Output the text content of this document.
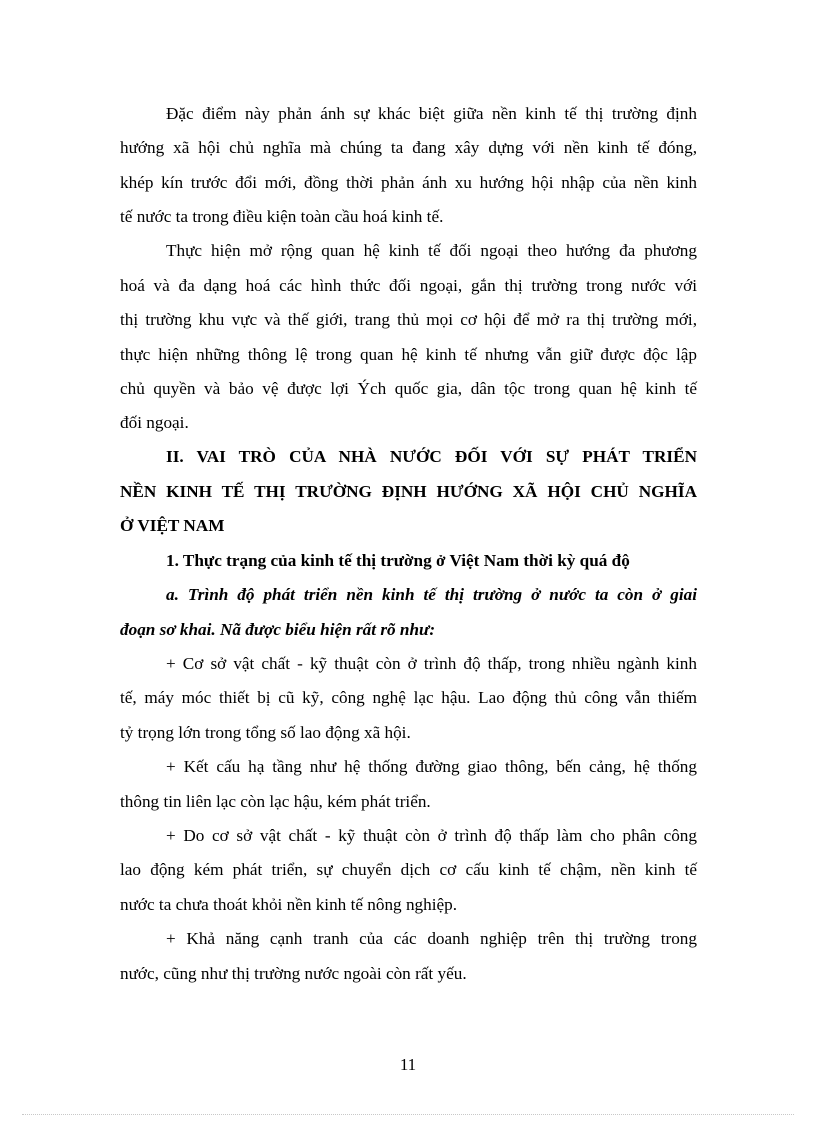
Đặc điểm này phản ánh sự khác biệt giữa nền kinh tế thị trường định
hướng xã hội chủ nghĩa mà chúng ta đang xây dựng với nền kinh tế đóng,
khép kín trước đổi mới, đồng thời phản ánh xu hướng hội nhập của nền kinh
tế nước ta trong điều kiện toàn cầu hoá kinh tế.
Thực hiện mở rộng quan hệ kinh tế đối ngoại theo hướng đa phương
hoá và đa dạng hoá các hình thức đối ngoại, gắn thị trường trong nước với
thị trường khu vực và thế giới, trang thủ mọi cơ hội để mở ra thị trường mới,
thực hiện những thông lệ trong quan hệ kinh tế nhưng vẫn giữ được độc lập
chủ quyền và bảo vệ được lợi Ých quốc gia, dân tộc trong quan hệ kinh tế
đối ngoại.
II. VAI TRÒ CỦA NHÀ NƯỚC ĐỐI VỚI SỰ PHÁT TRIỂN
NỀN KINH TẾ THỊ TRƯỜNG ĐỊNH HƯỚNG XÃ HỘI CHỦ NGHĨA
Ở VIỆT NAM
1. Thực trạng của kinh tế thị trường ở Việt Nam thời kỳ quá độ
a. Trình độ phát triển nền kinh tế thị trường ở nước ta còn ở giai
đoạn sơ khai. Nã được biểu hiện rất rõ như:
+ Cơ sở vật chất - kỹ thuật còn ở trình độ thấp, trong nhiều ngành kinh
tế, máy móc thiết bị cũ kỹ, công nghệ lạc hậu. Lao động thủ công vẫn thiếm
tỷ trọng lớn trong tổng số lao động xã hội.
+ Kết cấu hạ tầng như hệ thống đường giao thông, bến cảng, hệ thống
thông tin liên lạc còn lạc hậu, kém phát triển.
+ Do cơ sở vật chất - kỹ thuật còn ở trình độ thấp làm cho phân công
lao động kém phát triển, sự chuyển dịch cơ cấu kinh tế chậm, nền kinh tế
nước ta chưa thoát khỏi nền kinh tế nông nghiệp.
+ Khả năng cạnh tranh của các doanh nghiệp trên thị trường trong
nước, cũng như thị trường nước ngoài còn rất yếu.
11
